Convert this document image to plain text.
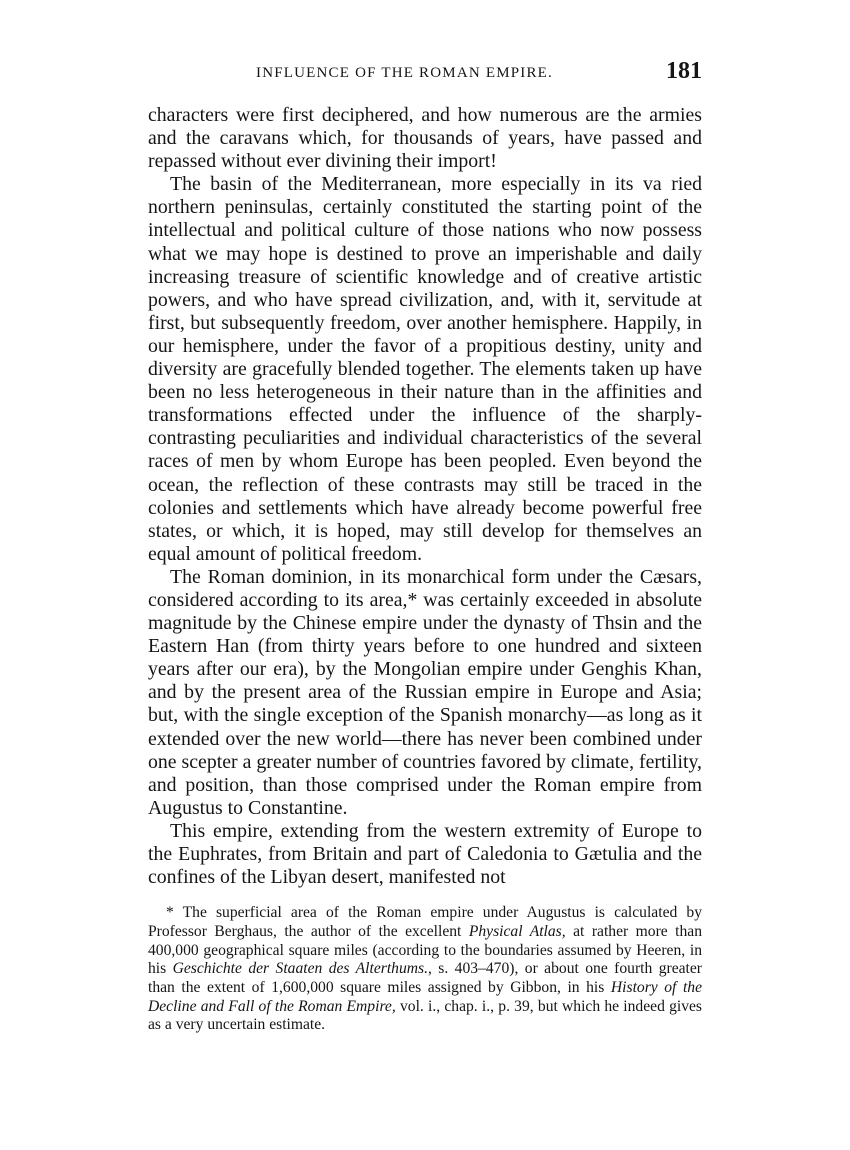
INFLUENCE OF THE ROMAN EMPIRE.	181

characters were first deciphered, and how numerous are the armies and the caravans which, for thousands of years, have passed and repassed without ever divining their import!

The basin of the Mediterranean, more especially in its va ried northern peninsulas, certainly constituted the starting point of the intellectual and political culture of those nations who now possess what we may hope is destined to prove an imperishable and daily increasing treasure of scientific knowledge and of creative artistic powers, and who have spread civilization, and, with it, servitude at first, but subsequently freedom, over another hemisphere. Happily, in our hemisphere, under the favor of a propitious destiny, unity and diversity are gracefully blended together. The elements taken up have been no less heterogeneous in their nature than in the affinities and transformations effected under the influence of the sharply-contrasting peculiarities and individual characteristics of the several races of men by whom Europe has been peopled. Even beyond the ocean, the reflection of these contrasts may still be traced in the colonies and settlements which have already become powerful free states, or which, it is hoped, may still develop for themselves an equal amount of political freedom.

The Roman dominion, in its monarchical form under the Cæsars, considered according to its area,* was certainly exceeded in absolute magnitude by the Chinese empire under the dynasty of Thsin and the Eastern Han (from thirty years before to one hundred and sixteen years after our era), by the Mongolian empire under Genghis Khan, and by the present area of the Russian empire in Europe and Asia; but, with the single exception of the Spanish monarchy—as long as it extended over the new world—there has never been combined under one scepter a greater number of countries favored by climate, fertility, and position, than those comprised under the Roman empire from Augustus to Constantine.

This empire, extending from the western extremity of Europe to the Euphrates, from Britain and part of Caledonia to Gætulia and the confines of the Libyan desert, manifested not

* The superficial area of the Roman empire under Augustus is calculated by Professor Berghaus, the author of the excellent Physical Atlas, at rather more than 400,000 geographical square miles (according to the boundaries assumed by Heeren, in his Geschichte der Staaten des Alterthums., s. 403–470), or about one fourth greater than the extent of 1,600,000 square miles assigned by Gibbon, in his History of the Decline and Fall of the Roman Empire, vol. i., chap. i., p. 39, but which he indeed gives as a very uncertain estimate.
